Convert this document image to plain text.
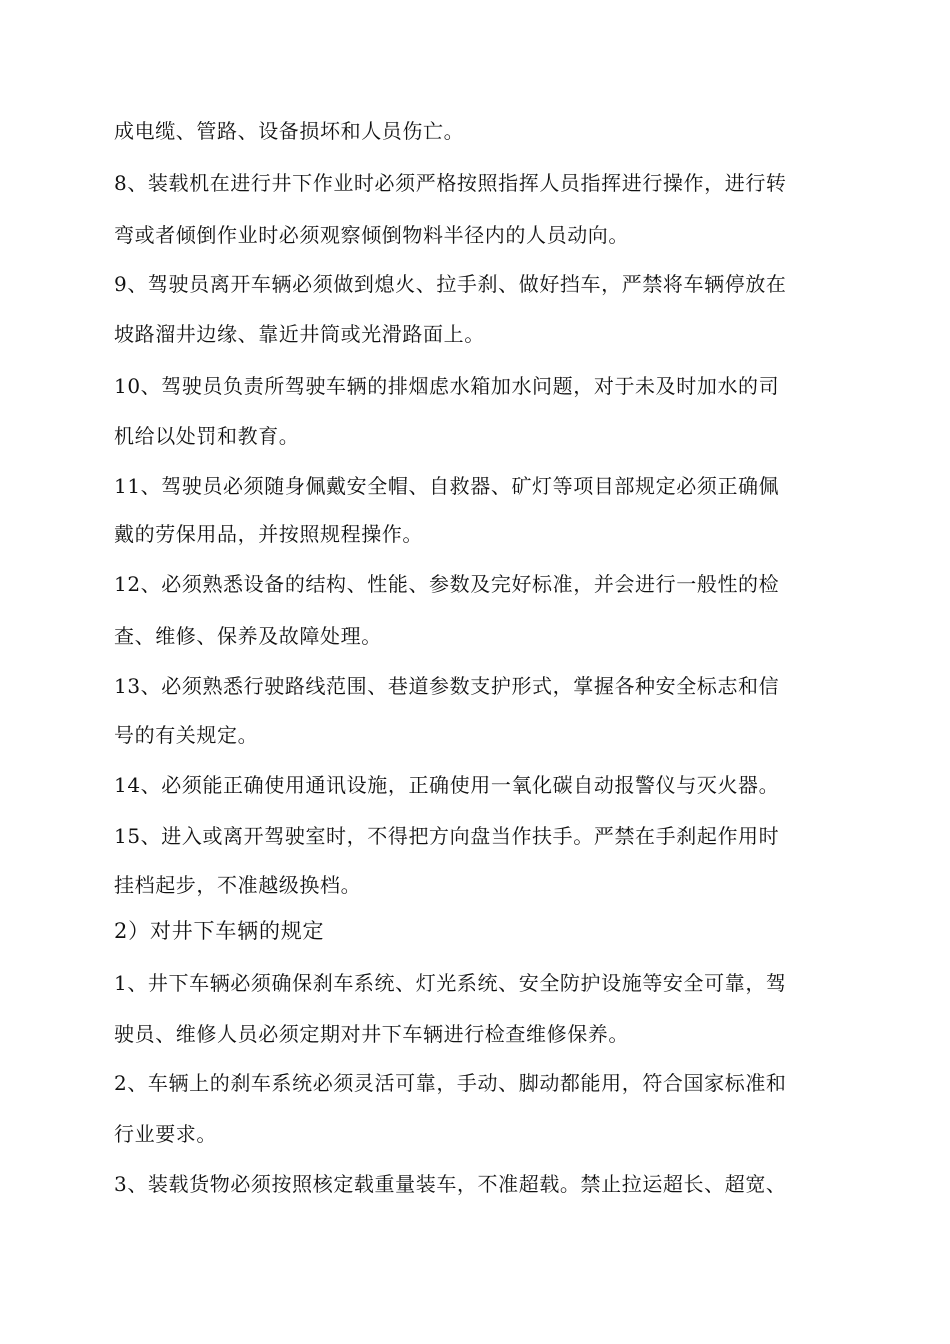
成电缆、管路、设备损坏和人员伤亡。
8、装载机在进行井下作业时必须严格按照指挥人员指挥进行操作，进行转
弯或者倾倒作业时必须观察倾倒物料半径内的人员动向。
9、驾驶员离开车辆必须做到熄火、拉手刹、做好挡车，严禁将车辆停放在
坡路溜井边缘、靠近井筒或光滑路面上。
10、驾驶员负责所驾驶车辆的排烟虑水箱加水问题，对于未及时加水的司
机给以处罚和教育。
11、驾驶员必须随身佩戴安全帽、自救器、矿灯等项目部规定必须正确佩
戴的劳保用品，并按照规程操作。
12、必须熟悉设备的结构、性能、参数及完好标准，并会进行一般性的检
查、维修、保养及故障处理。
13、必须熟悉行驶路线范围、巷道参数支护形式，掌握各种安全标志和信
号的有关规定。
14、必须能正确使用通讯设施，正确使用一氧化碳自动报警仪与灭火器。
15、进入或离开驾驶室时，不得把方向盘当作扶手。严禁在手刹起作用时
挂档起步，不准越级换档。
2）对井下车辆的规定
1、井下车辆必须确保刹车系统、灯光系统、安全防护设施等安全可靠，驾
驶员、维修人员必须定期对井下车辆进行检查维修保养。
2、车辆上的刹车系统必须灵活可靠，手动、脚动都能用，符合国家标准和
行业要求。
3、装载货物必须按照核定载重量装车，不准超载。禁止拉运超长、超宽、
